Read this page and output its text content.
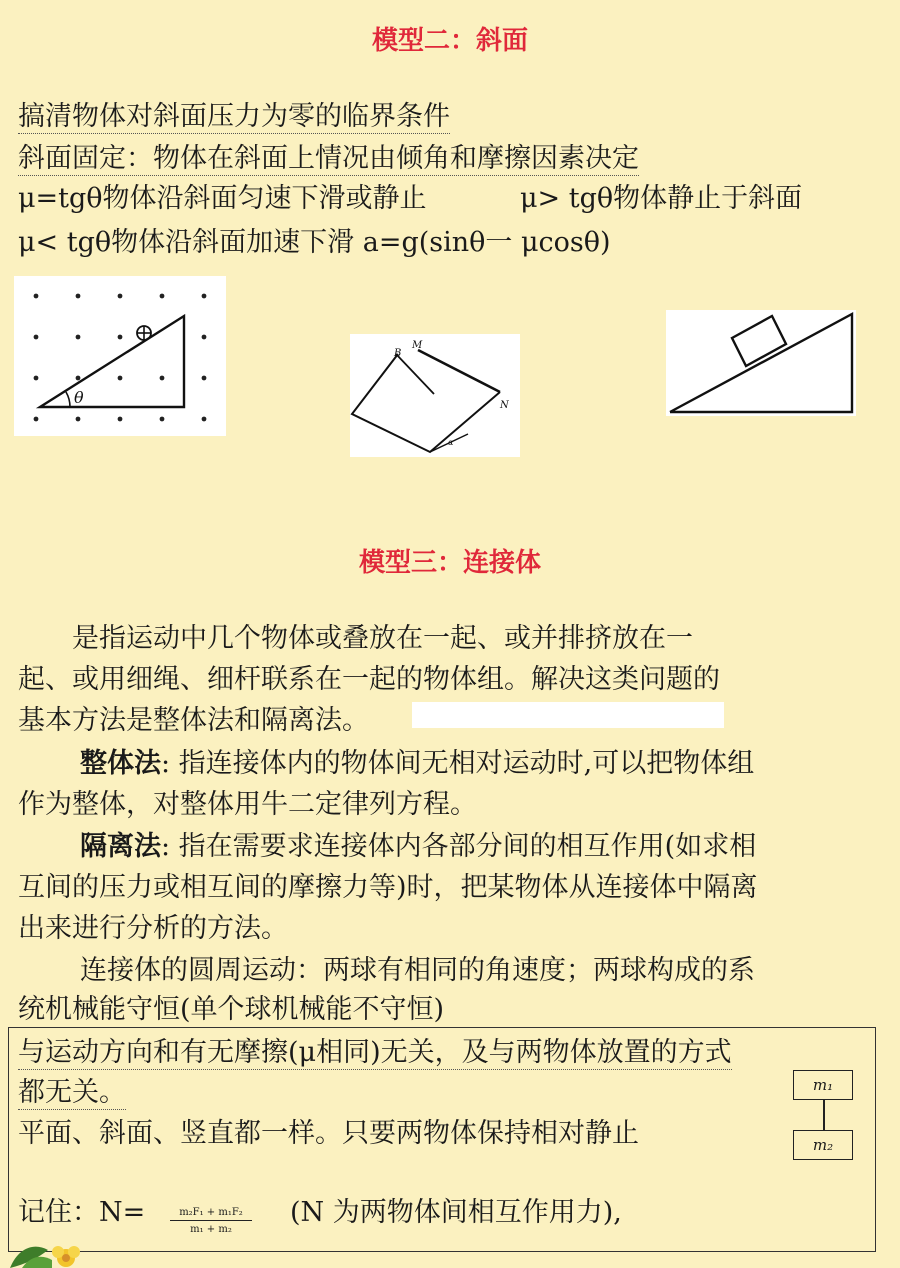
模型二：斜面
搞清物体对斜面压力为零的临界条件
斜面固定：物体在斜面上情况由倾角和摩擦因素决定
μ=tgθ物体沿斜面匀速下滑或静止	μ> tgθ物体静止于斜面
μ< tgθ物体沿斜面加速下滑 a=g(sinθ一 μcosθ)
θ
B
M
N
α
模型三：连接体
是指运动中几个物体或叠放在一起、或并排挤放在一
起、或用细绳、细杆联系在一起的物体组。解决这类问题的
基本方法是整体法和隔离法。
整体法: 指连接体内的物体间无相对运动时,可以把物体组
作为整体，对整体用牛二定律列方程。
隔离法: 指在需要求连接体内各部分间的相互作用(如求相
互间的压力或相互间的摩擦力等)时，把某物体从连接体中隔离
出来进行分析的方法。
连接体的圆周运动：两球有相同的角速度；两球构成的系
统机械能守恒(单个球机械能不守恒)
与运动方向和有无摩擦(μ相同)无关，及与两物体放置的方式
都无关。
平面、斜面、竖直都一样。只要两物体保持相对静止
m₁
m₂
记住：$N= \frac{\text{m₂F₁ + m₁F₂}}{\text{m₁ + m₂}} (N$ 为两物体间相互作用力),
